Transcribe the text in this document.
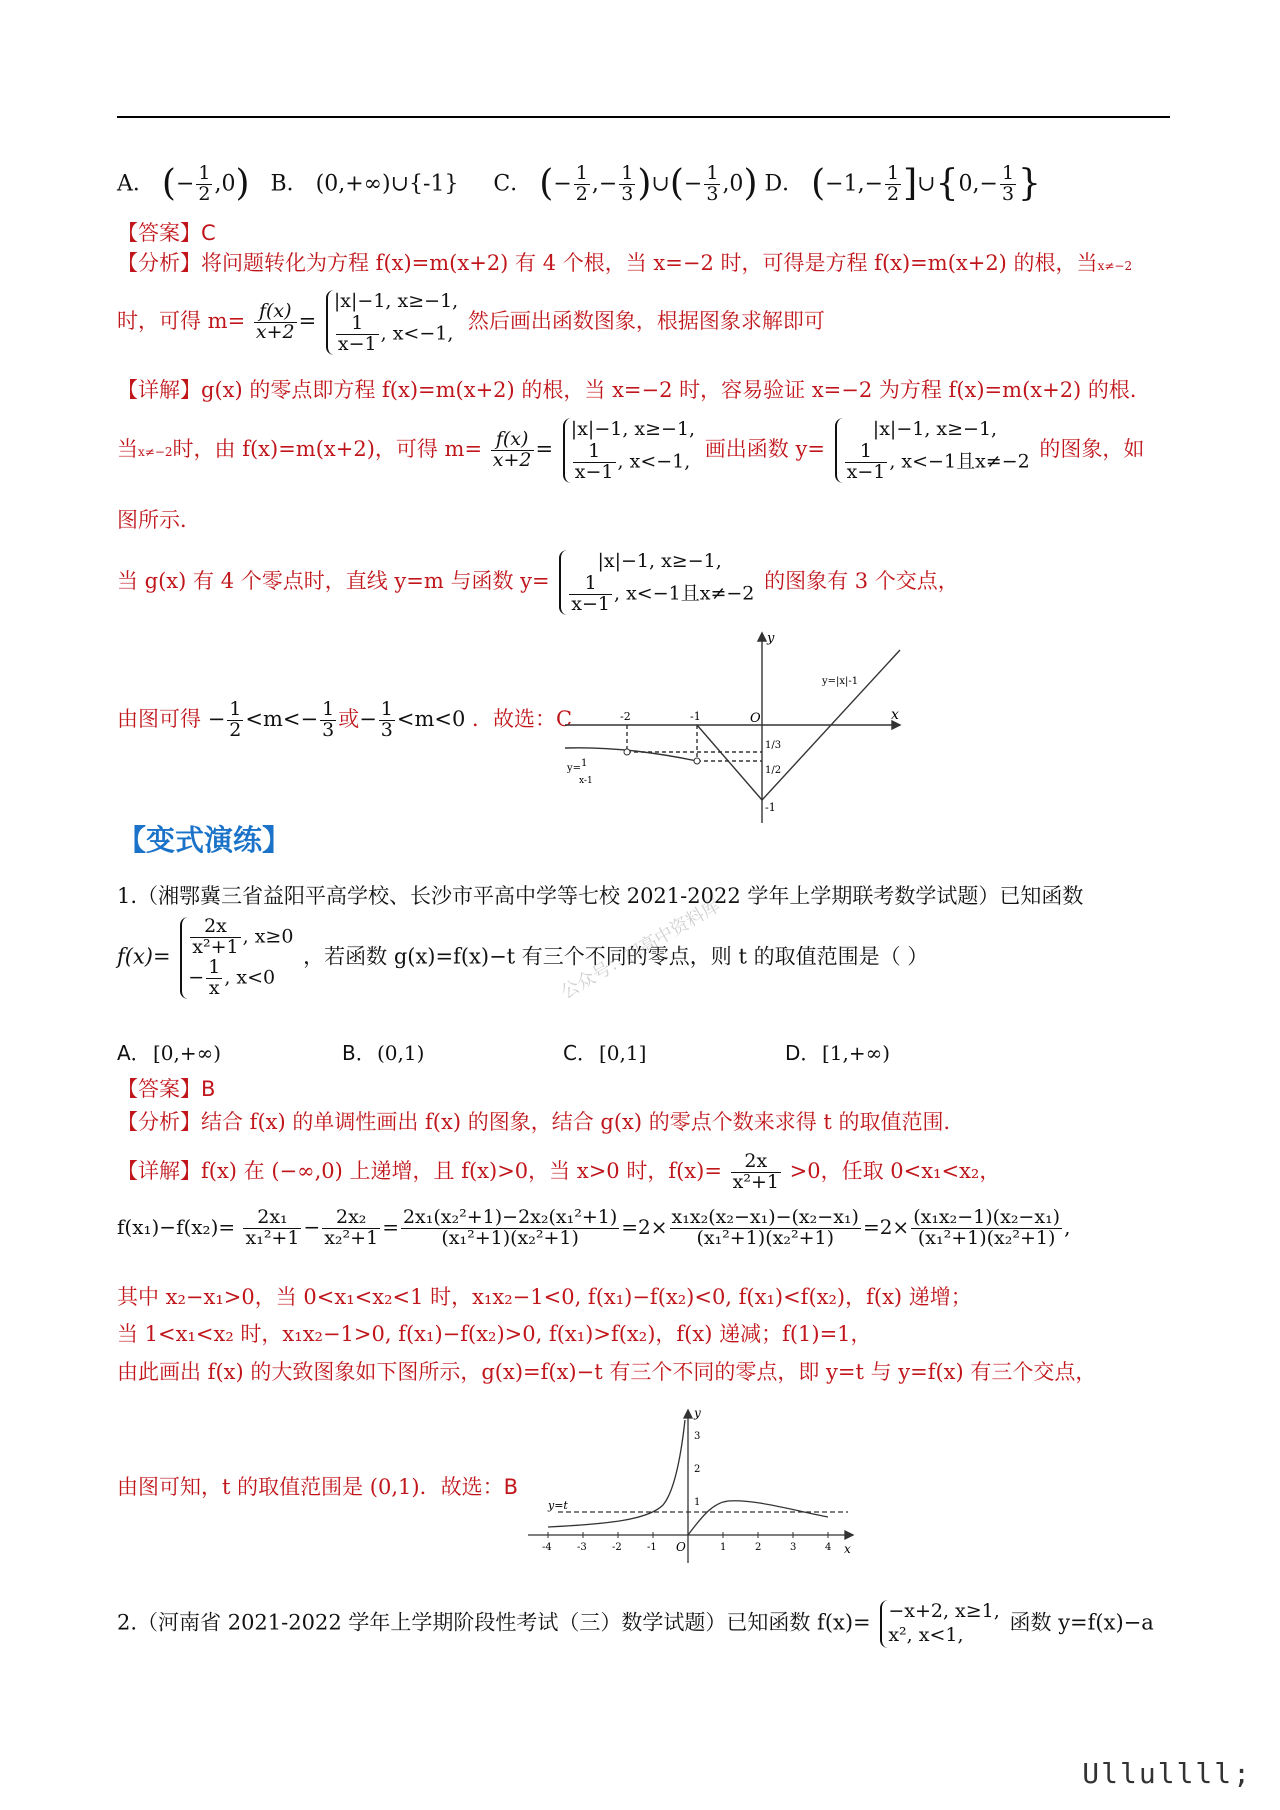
A． (− $\frac{1}{2} ,0$) B． (0,+∞)∪{-1} C． (− $\frac{1}{2}$ ,− $\frac{1}{3}$ )∪(− $\frac{1}{3} ,0$) D． ($-1,- \frac{1}{2}$ ]∪{0,− $\frac{1}{3}$ }
【答案】C
【分析】将问题转化为方程 f(x)=m(x+2) 有 4 个根，当 x=−2 时，可得是方程 f(x)=m(x+2) 的根，当x≠−2
时，可得 $m= \frac{f(x)}{x+2}$ =
|x|−1, x≥−1,
$\frac{1}{x-1}$ , x<−1,
然后画出函数图象，根据图象求解即可
【详解】g(x) 的零点即方程 f(x)=m(x+2) 的根，当 x=−2 时，容易验证 x=−2 为方程 f(x)=m(x+2) 的根．
当x≠−2时，由 f(x)=m(x+2)，可得 $m= \frac{f(x)}{x+2}$ =
|x|−1, x≥−1,
$\frac{1}{x-1}$ , x<−1,
画出函数 y=
|x|−1, x≥−1,
$\frac{1}{x-1}$ , x<−1且x≠−2
的图象，如
图所示．
当 g(x) 有 4 个零点时，直线 y=m 与函数 y=
|x|−1, x≥−1,
$\frac{1}{x-1}$ , x<−1且x≠−2
的图象有 3 个交点，
由图可得 − $\frac{1}{2} <m<- \frac{1}{3}$ 或− $\frac{1}{3} <m<0$ ．故选：C
y
x
O
y=|x|-1
-2	-1
-1
1/3
1/2
y=1
x-1
【变式演练】
公众号：初高中资料库
1.（湘鄂冀三省益阳平高学校、长沙市平高中学等七校 2021-2022 学年上学期联考数学试题）已知函数
$f(x)= \frac{2x}{\text{x²+1}}$ , x≥0
− $\frac{1}{x}$ , x<0
，若函数 g(x)=f(x)−t 有三个不同的零点，则 t 的取值范围是（ ）
A． [0,+∞)	B． (0,1)	C． [0,1]	D． [1,+∞)

【答案】B
【分析】结合 f(x) 的单调性画出 f(x) 的图象，结合 g(x) 的零点个数来求得 t 的取值范围．
【详解】f(x) 在 (−∞,0) 上递增，且 f(x)>0，当 x>0 时，$f(x)= \frac{2x}{\text{x²+1}} >0$，任取 0<x₁<x₂，
$f(x_1)-f(x_2)= \frac{\text{2x₁}}{\text{x₁²+1}} - \frac{\text{2x₂}}{\text{x₂²+1}} = \frac{\text{2x₁(x₂²+1)−2x₂(x₁²+1)}}{\text{(x₁²+1)(x₂²+1)}} =2\times \frac{\text{x₁x₂(x₂−x₁)−(x₂−x₁)}}{\text{(x₁²+1)(x₂²+1)}} =2\times \frac{\text{(x₁x₂−1)(x₂−x₁)}}{\text{(x₁²+1)(x₂²+1)}}$ ,
其中 x₂−x₁>0，当 0<x₁<x₂<1 时，x₁x₂−1<0, f(x₁)−f(x₂)<0, f(x₁)<f(x₂)，f(x) 递增；
当 1<x₁<x₂ 时，x₁x₂−1>0, f(x₁)−f(x₂)>0, f(x₁)>f(x₂)，f(x) 递减；f(1)=1，
由此画出 f(x) 的大致图象如下图所示，g(x)=f(x)−t 有三个不同的零点，即 y=t 与 y=f(x) 有三个交点，
由图可知，t 的取值范围是 (0,1)．故选：B
y
x
O
y=t
-4	-3	-2	-1	1	2	3	4
1
2
3
2.（河南省 2021-2022 学年上学期阶段性考试（三）数学试题）已知函数 f(x)= −x+2, x≥1,
x², x<1,
函数 y=f(x)−a
Ullullll;
